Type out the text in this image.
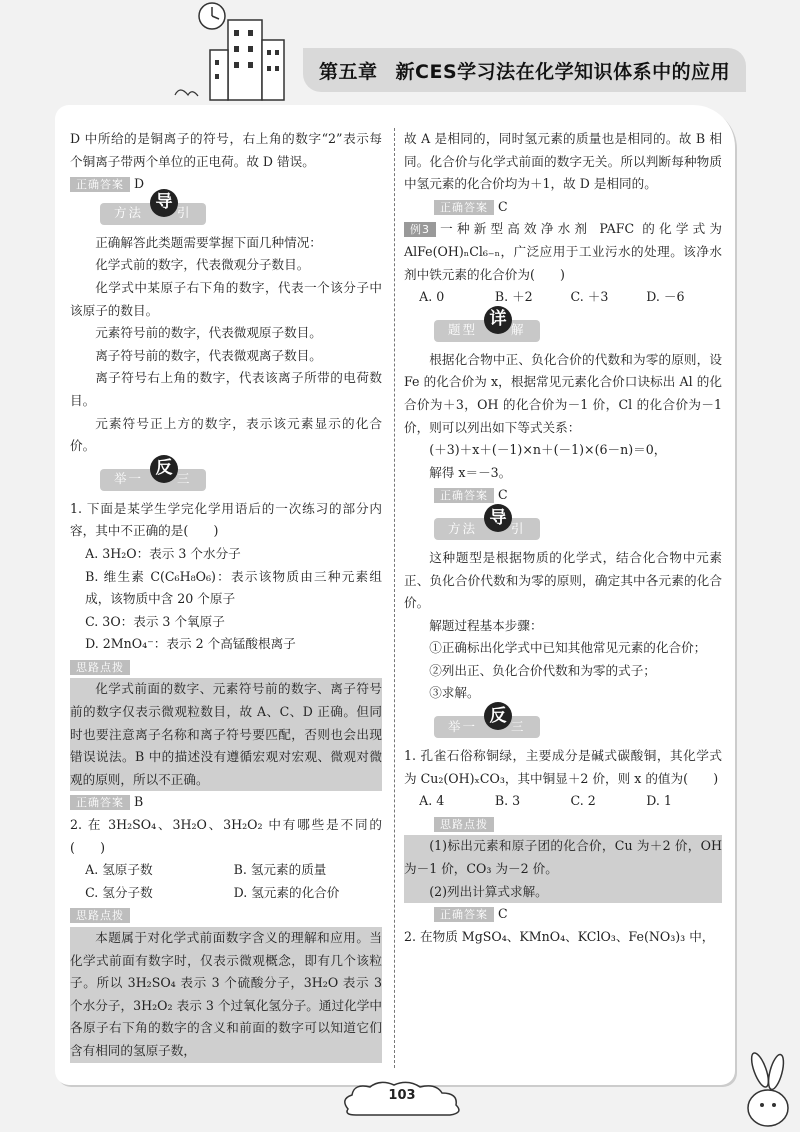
第五章 新CES学习法在化学知识体系中的应用

D 中所给的是铜离子的符号，右上角的数字“2”表示每个铜离子带两个单位的正电荷。故 D 错误。

正确答案 D
方法
导
引

正确解答此类题需要掌握下面几种情况：

化学式前的数字，代表微观分子数目。

化学式中某原子右下角的数字，代表一个该分子中该原子的数目。

元素符号前的数字，代表微观原子数目。

离子符号前的数字，代表微观离子数目。

离子符号右上角的数字，代表该离子所带的电荷数目。

元素符号正上方的数字，表示该元素显示的化合价。

举一
反
三

1. 下面是某学生学完化学用语后的一次练习的部分内容，其中不正确的是(　　)

A. 3H₂O：表示 3 个水分子

B. 维生素 C(C₆H₈O₆)：表示该物质由三种元素组成，该物质中含 20 个原子

C. 3O：表示 3 个氧原子

D. 2MnO₄⁻：表示 2 个高锰酸根离子

思路点拨

化学式前面的数字、元素符号前的数字、离子符号前的数字仅表示微观粒数目，故 A、C、D 正确。但同时也要注意离子名称和离子符号要匹配，否则也会出现错误说法。B 中的描述没有遵循宏观对宏观、微观对微观的原则，所以不正确。

正确答案 B

2. 在 3H₂SO₄、3H₂O、3H₂O₂ 中有哪些是不同的(　　)

A. 氢原子数	B. 氢元素的质量
C. 氢分子数	D. 氢元素的化合价
思路点拨

本题属于对化学式前面数字含义的理解和应用。当化学式前面有数字时，仅表示微观概念，即有几个该粒子。所以 3H₂SO₄ 表示 3 个硫酸分子，3H₂O 表示 3 个水分子，3H₂O₂ 表示 3 个过氧化氢分子。通过化学中各原子右下角的数字的含义和前面的数字可以知道它们含有相同的氢原子数，

故 A 是相同的，同时氢元素的质量也是相同的。故 B 相同。化合价与化学式前面的数字无关。所以判断每种物质中氢元素的化合价均为＋1，故 D 是相同的。

正确答案 C

例3 一种新型高效净水剂 PAFC 的化学式为 AlFe(OH)ₙCl₆₋ₙ，广泛应用于工业污水的处理。该净水剂中铁元素的化合价为(　　)

A. 0	B. ＋2	C. ＋3	D. －6
题型
详
解

根据化合物中正、负化合价的代数和为零的原则，设 Fe 的化合价为 x，根据常见元素化合价口诀标出 Al 的化合价为＋3，OH 的化合价为－1 价，Cl 的化合价为－1 价，则可以列出如下等式关系：

(＋3)＋x＋(－1)×n＋(－1)×(6－n)＝0，

解得 x＝－3。

正确答案 C
方法
导
引

这种题型是根据物质的化学式，结合化合物中元素正、负化合价代数和为零的原则，确定其中各元素的化合价。

解题过程基本步骤：

①正确标出化学式中已知其他常见元素的化合价；

②列出正、负化合价代数和为零的式子；

③求解。

举一
反
三

1. 孔雀石俗称铜绿，主要成分是碱式碳酸铜，其化学式为 Cu₂(OH)ₓCO₃，其中铜显＋2 价，则 x 的值为(　　)

A. 4	B. 3	C. 2	D. 1
思路点拨

(1)标出元素和原子团的化合价，Cu 为＋2 价，OH 为－1 价，CO₃ 为－2 价。

(2)列出计算式求解。

正确答案 C

2. 在物质 MgSO₄、KMnO₄、KClO₃、Fe(NO₃)₃ 中，

103
